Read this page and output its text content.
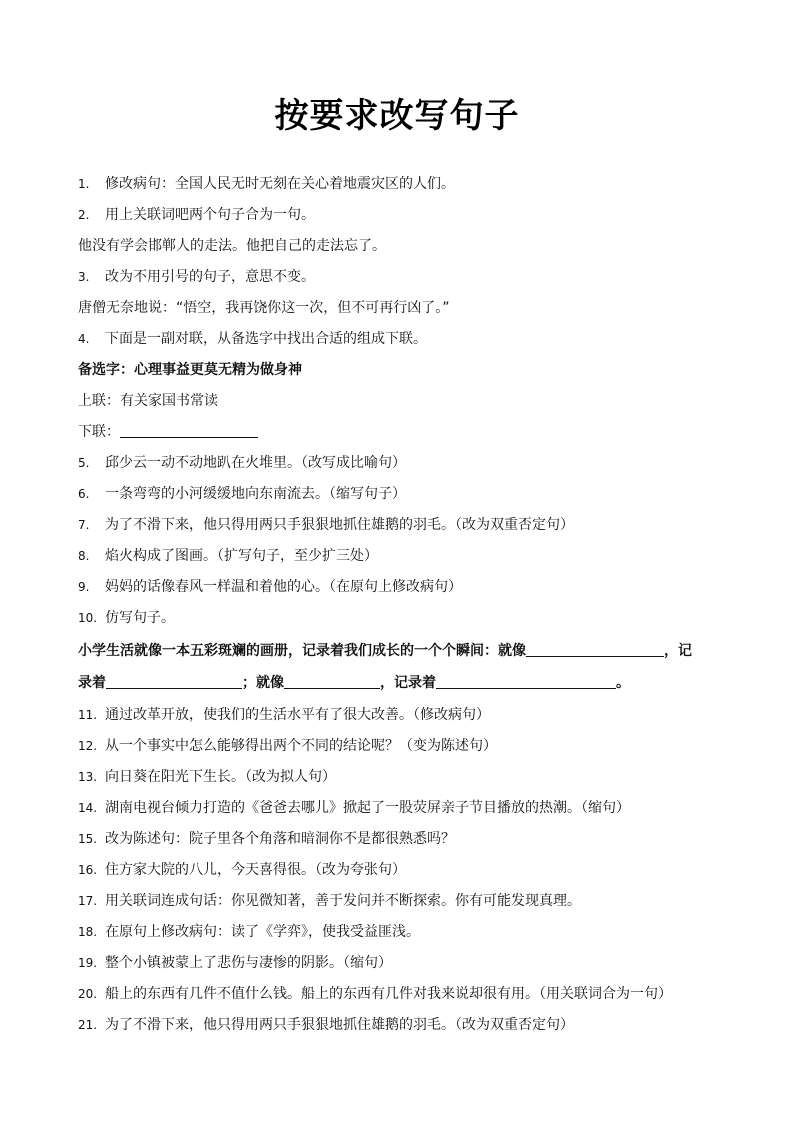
按要求改写句子
1. 修改病句：全国人民无时无刻在关心着地震灾区的人们。
2. 用上关联词吧两个句子合为一句。
他没有学会邯郸人的走法。他把自己的走法忘了。
3. 改为不用引号的句子，意思不变。
唐僧无奈地说：“悟空，我再饶你这一次，但不可再行凶了。”
4. 下面是一副对联，从备选字中找出合适的组成下联。
备选字：心理事益更莫无精为做身神
上联：有关家国书常读
下联：
5. 邱少云一动不动地趴在火堆里。（改写成比喻句）
6. 一条弯弯的小河缓缓地向东南流去。（缩写句子）
7. 为了不滑下来，他只得用两只手狠狠地抓住雄鹅的羽毛。（改为双重否定句）
8. 焰火构成了图画。（扩写句子，至少扩三处）
9. 妈妈的话像春风一样温和着他的心。（在原句上修改病句）
10. 仿写句子。
小学生活就像一本五彩斑斓的画册，记录着我们成长的一个个瞬间：就像	，记
录着	；就像	，记录着	。
11. 通过改革开放，使我们的生活水平有了很大改善。（修改病句）
12. 从一个事实中怎么能够得出两个不同的结论呢？（变为陈述句）
13. 向日葵在阳光下生长。（改为拟人句）
14. 湖南电视台倾力打造的《爸爸去哪儿》掀起了一股荧屏亲子节目播放的热潮。（缩句）
15. 改为陈述句：院子里各个角落和暗洞你不是都很熟悉吗？
16. 住方家大院的八儿，今天喜得很。（改为夸张句）
17. 用关联词连成句话：你见微知著，善于发问并不断探索。你有可能发现真理。
18. 在原句上修改病句：读了《学弈》，使我受益匪浅。
19. 整个小镇被蒙上了悲伤与凄惨的阴影。（缩句）
20. 船上的东西有几件不值什么钱。船上的东西有几件对我来说却很有用。（用关联词合为一句）
21. 为了不滑下来，他只得用两只手狠狠地抓住雄鹅的羽毛。（改为双重否定句）
